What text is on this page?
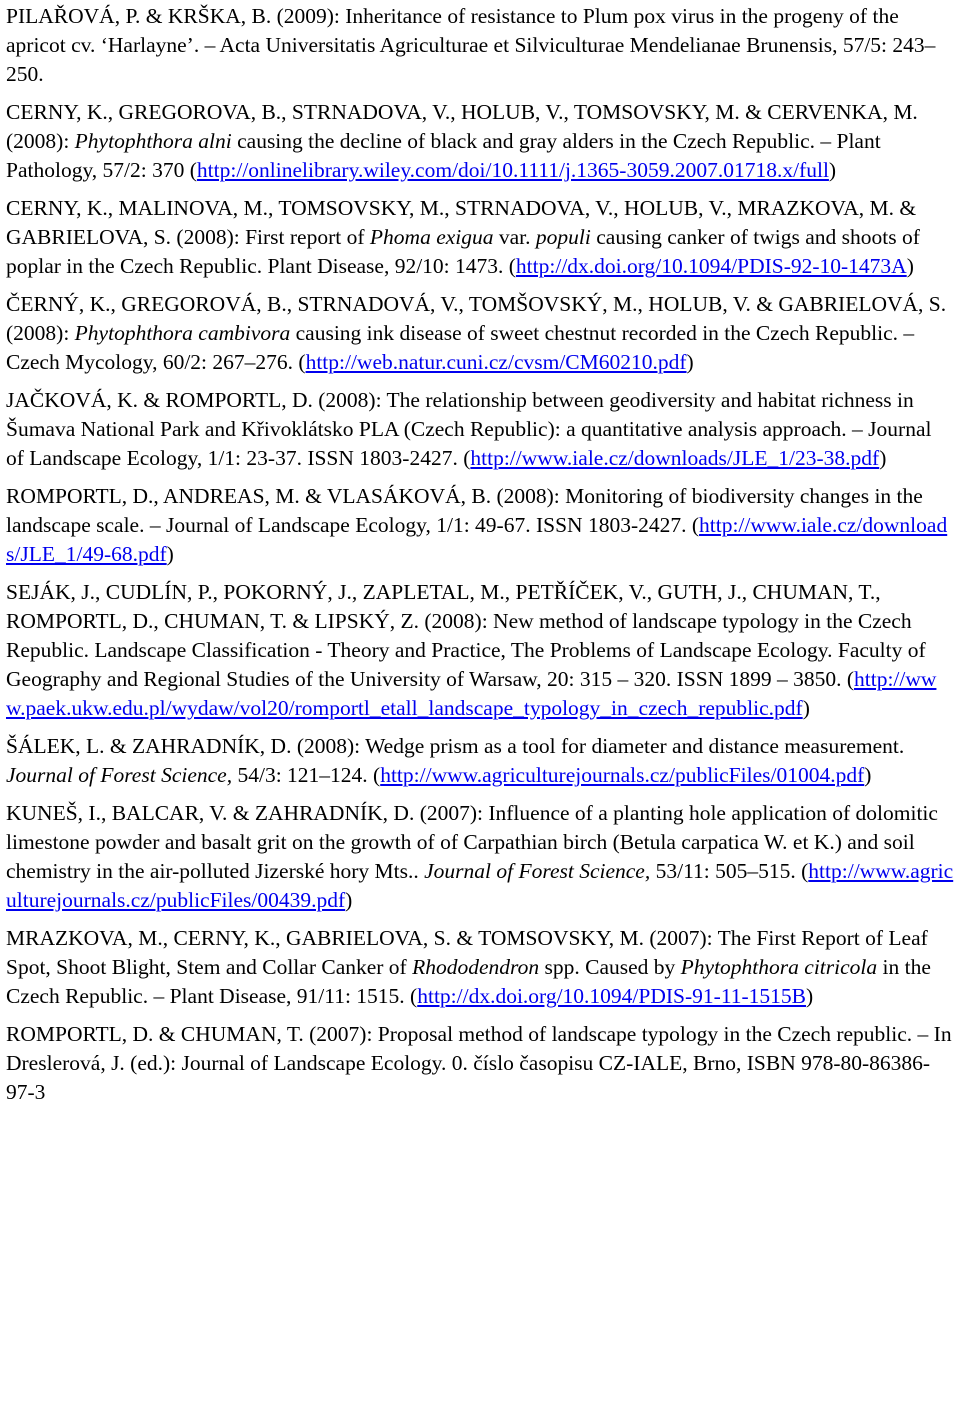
PILAŘOVÁ, P. & KRŠKA, B. (2009): Inheritance of resistance to Plum pox virus in the progeny of the apricot cv. ‘Harlayne’. – Acta Universitatis Agriculturae et Silviculturae Mendelianae Brunensis, 57/5: 243–250.
CERNY, K., GREGOROVA, B., STRNADOVA, V., HOLUB, V., TOMSOVSKY, M. & CERVENKA, M. (2008): Phytophthora alni causing the decline of black and gray alders in the Czech Republic. – Plant Pathology, 57/2: 370 (http://onlinelibrary.wiley.com/doi/10.1111/j.1365-3059.2007.01718.x/full)
CERNY, K., MALINOVA, M., TOMSOVSKY, M., STRNADOVA, V., HOLUB, V., MRAZKOVA, M. & GABRIELOVA, S. (2008): First report of Phoma exigua var. populi causing canker of twigs and shoots of poplar in the Czech Republic. Plant Disease, 92/10: 1473. (http://dx.doi.org/10.1094/PDIS-92-10-1473A)
ČERNÝ, K., GREGOROVÁ, B., STRNADOVÁ, V., TOMŠOVSKÝ, M., HOLUB, V. & GABRIELOVÁ, S. (2008): Phytophthora cambivora causing ink disease of sweet chestnut recorded in the Czech Republic. – Czech Mycology, 60/2: 267–276. (http://web.natur.cuni.cz/cvsm/CM60210.pdf)
JAČKOVÁ, K. & ROMPORTL, D. (2008): The relationship between geodiversity and habitat richness in Šumava National Park and Křivoklátsko PLA (Czech Republic): a quantitative analysis approach. – Journal of Landscape Ecology, 1/1: 23-37. ISSN 1803-2427. (http://www.iale.cz/downloads/JLE_1/23-38.pdf)
ROMPORTL, D., ANDREAS, M. & VLASÁKOVÁ, B. (2008): Monitoring of biodiversity changes in the landscape scale. – Journal of Landscape Ecology, 1/1: 49-67. ISSN 1803-2427. (http://www.iale.cz/downloads/JLE_1/49-68.pdf)
SEJÁK, J., CUDLÍN, P., POKORNÝ, J., ZAPLETAL, M., PETŘÍČEK, V., GUTH, J., CHUMAN, T., ROMPORTL, D., CHUMAN, T. & LIPSKÝ, Z. (2008): New method of landscape typology in the Czech Republic. Landscape Classification - Theory and Practice, The Problems of Landscape Ecology. Faculty of Geography and Regional Studies of the University of Warsaw, 20: 315 – 320. ISSN 1899 – 3850. (http://www.paek.ukw.edu.pl/wydaw/vol20/romportl_etall_landscape_typology_in_czech_republic.pdf)
ŠÁLEK, L. & ZAHRADNÍK, D. (2008): Wedge prism as a tool for diameter and distance measurement. Journal of Forest Science, 54/3: 121–124. (http://www.agriculturejournals.cz/publicFiles/01004.pdf)
KUNEŠ, I., BALCAR, V. & ZAHRADNÍK, D. (2007): Influence of a planting hole application of dolomitic limestone powder and basalt grit on the growth of of Carpathian birch (Betula carpatica W. et K.) and soil chemistry in the air-polluted Jizerské hory Mts.. Journal of Forest Science, 53/11: 505–515. (http://www.agriculturejournals.cz/publicFiles/00439.pdf)
MRAZKOVA, M., CERNY, K., GABRIELOVA, S. & TOMSOVSKY, M. (2007): The First Report of Leaf Spot, Shoot Blight, Stem and Collar Canker of Rhododendron spp. Caused by Phytophthora citricola in the Czech Republic. – Plant Disease, 91/11: 1515. (http://dx.doi.org/10.1094/PDIS-91-11-1515B)
ROMPORTL, D. & CHUMAN, T. (2007): Proposal method of landscape typology in the Czech republic. – In Dreslerová, J. (ed.): Journal of Landscape Ecology. 0. číslo časopisu CZ-IALE, Brno, ISBN 978-80-86386-97-3
